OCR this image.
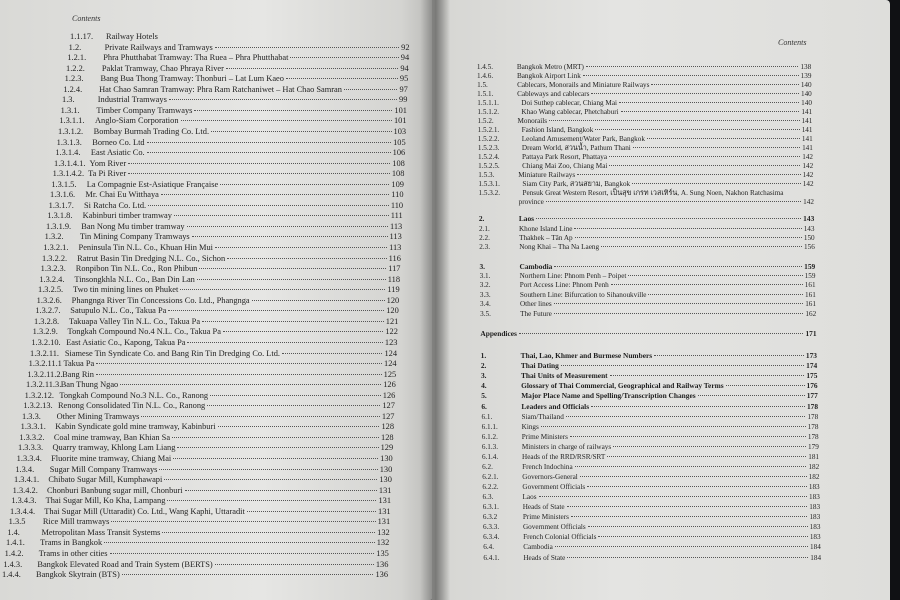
Contents
1.1.17.	Railway Hotels
1.2.	Private Railways and Tramways	92
1.2.1.	Phra Phutthabat Tramway: Tha Ruea – Phra Phutthabat	94
1.2.2.	Paklat Tramway, Chao Phraya River	94
1.2.3.	Bang Bua Thong Tramway: Thonburi – Lat Lum Kaeo	95
1.2.4.	Hat Chao Samran Tramway: Phra Ram Ratchaniwet – Hat Chao Samran	97
1.3.	Industrial Tramways	99
1.3.1.	Timber Company Tramways	101
1.3.1.1.	Anglo-Siam Corporation	101
1.3.1.2.	Bombay Burmah Trading Co. Ltd.	103
1.3.1.3.	Borneo Co. Ltd	105
1.3.1.4.	East Asiatic Co.	106
1.3.1.4.1. Yom River	108
1.3.1.4.2. Ta Pi River	108
1.3.1.5.	La Compagnie Est-Asiatique Française	109
1.3.1.6.	Mr. Chai Eu Witthaya	110
1.3.1.7.	Si Ratcha Co. Ltd.	110
1.3.1.8.	Kabinburi timber tramway	111
1.3.1.9.	Ban Nong Mu timber tramway	113
1.3.2.	Tin Mining Company Tramways	113
1.3.2.1.	Peninsula Tin N.L. Co., Khuan Hin Mui	113
1.3.2.2.	Ratrut Basin Tin Dredging N.L. Co., Sichon	116
1.3.2.3.	Ronpibon Tin N.L. Co., Ron Phibun	117
1.3.2.4.	Tinsongkhla N.L. Co., Ban Din Lan	118
1.3.2.5.	Two tin mining lines on Phuket	119
1.3.2.6.	Phangnga River Tin Concessions Co. Ltd., Phangnga	120
1.3.2.7.	Satupulo N.L. Co., Takua Pa	120
1.3.2.8.	Takuapa Valley Tin N.L. Co., Takua Pa	121
1.3.2.9.	Tongkah Compound No.4 N.L. Co., Takua Pa	122
1.3.2.10. East Asiatic Co., Kapong, Takua Pa	123
1.3.2.11. Siamese Tin Syndicate Co. and Bang Rin Tin Dredging Co. Ltd.	124
1.3.2.11.1 Takua Pa	124
1.3.2.11.2. Bang Rin	125
1.3.2.11.3. Ban Thung Ngao	126
1.3.2.12. Tongkah Compound No.3 N.L. Co., Ranong	126
1.3.2.13. Renong Consolidated Tin N.L. Co., Ranong	127
1.3.3.	Other Mining Tramways	127
1.3.3.1.	Kabin Syndicate gold mine tramway, Kabinburi	128
1.3.3.2.	Coal mine tramway, Ban Khian Sa	128
1.3.3.3.	Quarry tramway, Khlong Lam Liang	129
1.3.3.4.	Fluorite mine tramway, Chiang Mai	130
1.3.4.	Sugar Mill Company Tramways	130
1.3.4.1.	Chibato Sugar Mill, Kumphawapi	130
1.3.4.2.	Chonburi Banbung sugar mill, Chonburi	131
1.3.4.3.	Thai Sugar Mill, Ko Kha, Lampang	131
1.3.4.4.	Thai Sugar Mill (Uttaradit) Co. Ltd., Wang Kaphi, Uttaradit	131
1.3.5	Rice Mill tramways	131
1.4.	Metropolitan Mass Transit Systems	132
1.4.1.	Trams in Bangkok	132
1.4.2.	Trams in other cities	135
1.4.3.	Bangkok Elevated Road and Train System (BERTS)	136
1.4.4.	Bangkok Skytrain (BTS)	136
Contents
1.4.5.	Bangkok Metro (MRT)	138
1.4.6.	Bangkok Airport Link	139
1.5.	Cablecars, Monorails and Miniature Railways	140
1.5.1.	Cableways and cablecars	140
1.5.1.1.	Doi Suthep cablecar, Chiang Mai	140
1.5.1.2.	Khao Wang cablecar, Phetchaburi	141
1.5.2.	Monorails	141
1.5.2.1.	Fashion Island, Bangkok	141
1.5.2.2.	Leoland Amusement/Water Park, Bangkok	141
1.5.2.3.	Dream World, สวนน้ำ, Pathum Thani	141
1.5.2.4.	Pattaya Park Resort, Phattaya	142
1.5.2.5.	Chiang Mai Zoo, Chiang Mai	142
1.5.3.	Miniature Railways	142
1.5.3.1.	Siam City Park, สวนสยาม, Bangkok	142
1.5.3.2.	Pensuk Great Western Resort, เป็นสุข เกรท เวสเทิร์น, A. Sung Noen, Nakhon Ratchasima
province	142
2.	Laos	143
2.1.	Khone Island Line	143
2.2.	Thakhek – Tân Ap	150
2.3.	Nong Khai – Tha Na Laeng	156
3.	Cambodia	159
3.1.	Northern Line: Phnom Penh – Poipet	159
3.2.	Port Access Line: Phnom Penh	161
3.3.	Southern Line: Bifurcation to Sihanoukville	161
3.4.	Other lines	161
3.5.	The Future	162
Appendices	171
1.	Thai, Lao, Khmer and Burmese Numbers	173
2.	Thai Dating	174
3.	Thai Units of Measurement	175
4.	Glossary of Thai Commercial, Geographical and Railway Terms	176
5.	Major Place Name and Spelling/Transcription Changes	177
6.	Leaders and Officials	178
6.1.	Siam/Thailand	178
6.1.1.	Kings	178
6.1.2.	Prime Ministers	178
6.1.3.	Ministers in charge of railways	179
6.1.4.	Heads of the RRD/RSR/SRT	181
6.2.	French Indochina	182
6.2.1.	Governors-General	182
6.2.2.	Government Officials	183
6.3.	Laos	183
6.3.1.	Heads of State	183
6.3.2	Prime Ministers	183
6.3.3.	Government Officials	183
6.3.4.	French Colonial Officials	183
6.4.	Cambodia	184
6.4.1.	Heads of State	184
